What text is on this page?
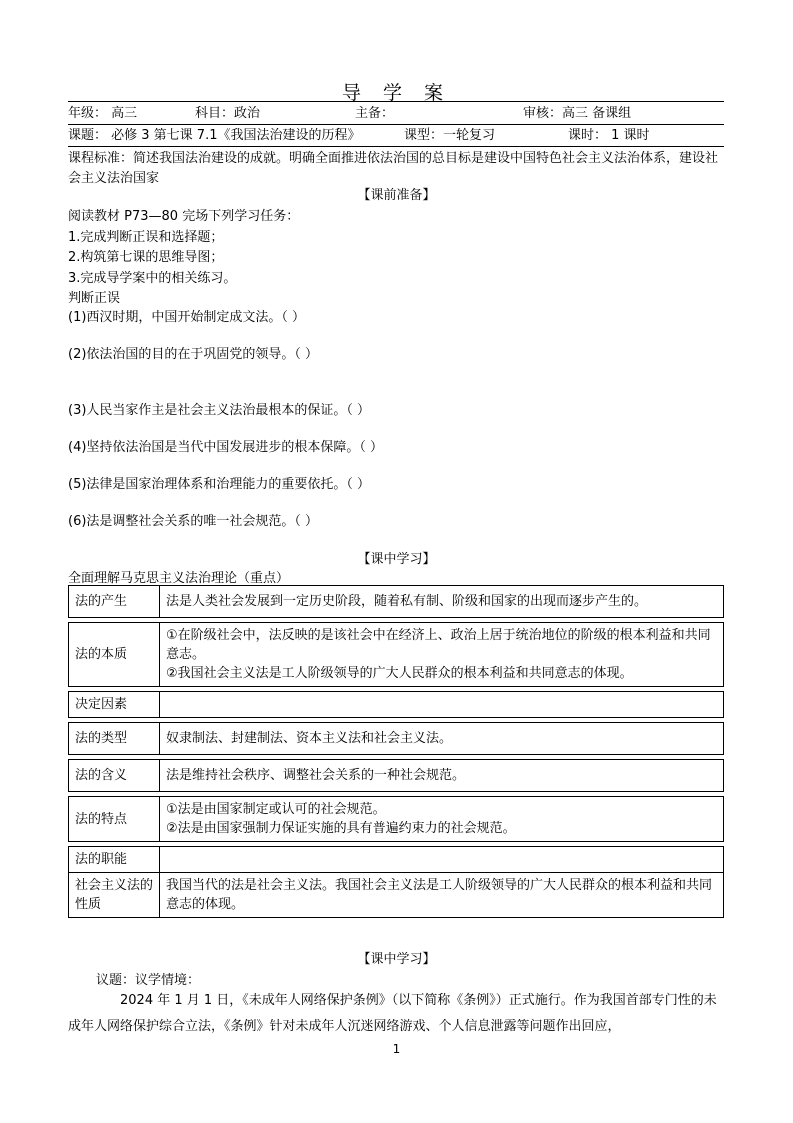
导 学 案
年级： 高三	科目：政治	主备：	审核：高三 备课组
课题： 必修 3 第七课 7.1《我国法治建设的历程》	课型：一轮复习	课时： 1 课时
课程标准：简述我国法治建设的成就。明确全面推进依法治国的总目标是建设中国特色社会主义法治体系，建设社会主义法治国家
【课前准备】
阅读教材 P73—80 完场下列学习任务：
1.完成判断正误和选择题；
2.构筑第七课的思维导图；
3.完成导学案中的相关练习。
判断正误
(1)西汉时期，中国开始制定成文法。（ ）
(2)依法治国的目的在于巩固党的领导。（ ）
(3)人民当家作主是社会主义法治最根本的保证。（ ）
(4)坚持依法治国是当代中国发展进步的根本保障。（ ）
(5)法律是国家治理体系和治理能力的重要依托。（ ）
(6)法是调整社会关系的唯一社会规范。（ ）
【课中学习】
全面理解马克思主义法治理论（重点）
法的产生	法是人类社会发展到一定历史阶段，随着私有制、阶级和国家的出现而逐步产生的。

法的本质	①在阶级社会中，法反映的是该社会中在经济上、政治上居于统治地位的阶级的根本利益和共同意志。
②我国社会主义法是工人阶级领导的广大人民群众的根本利益和共同意志的体现。

决定因素	

法的类型	奴隶制法、封建制法、资本主义法和社会主义法。

法的含义	法是维持社会秩序、调整社会关系的一种社会规范。

法的特点	①法是由国家制定或认可的社会规范。
②法是由国家强制力保证实施的具有普遍约束力的社会规范。

法的职能	
社会主义法的性质	我国当代的法是社会主义法。我国社会主义法是工人阶级领导的广大人民群众的根本利益和共同意志的体现。
【课中学习】
议题：议学情境：
2024 年 1 月 1 日，《未成年人网络保护条例》（以下简称《条例》）正式施行。作为我国首部专门性的未成年人网络保护综合立法，《条例》针对未成年人沉迷网络游戏、个人信息泄露等问题作出回应，
1
